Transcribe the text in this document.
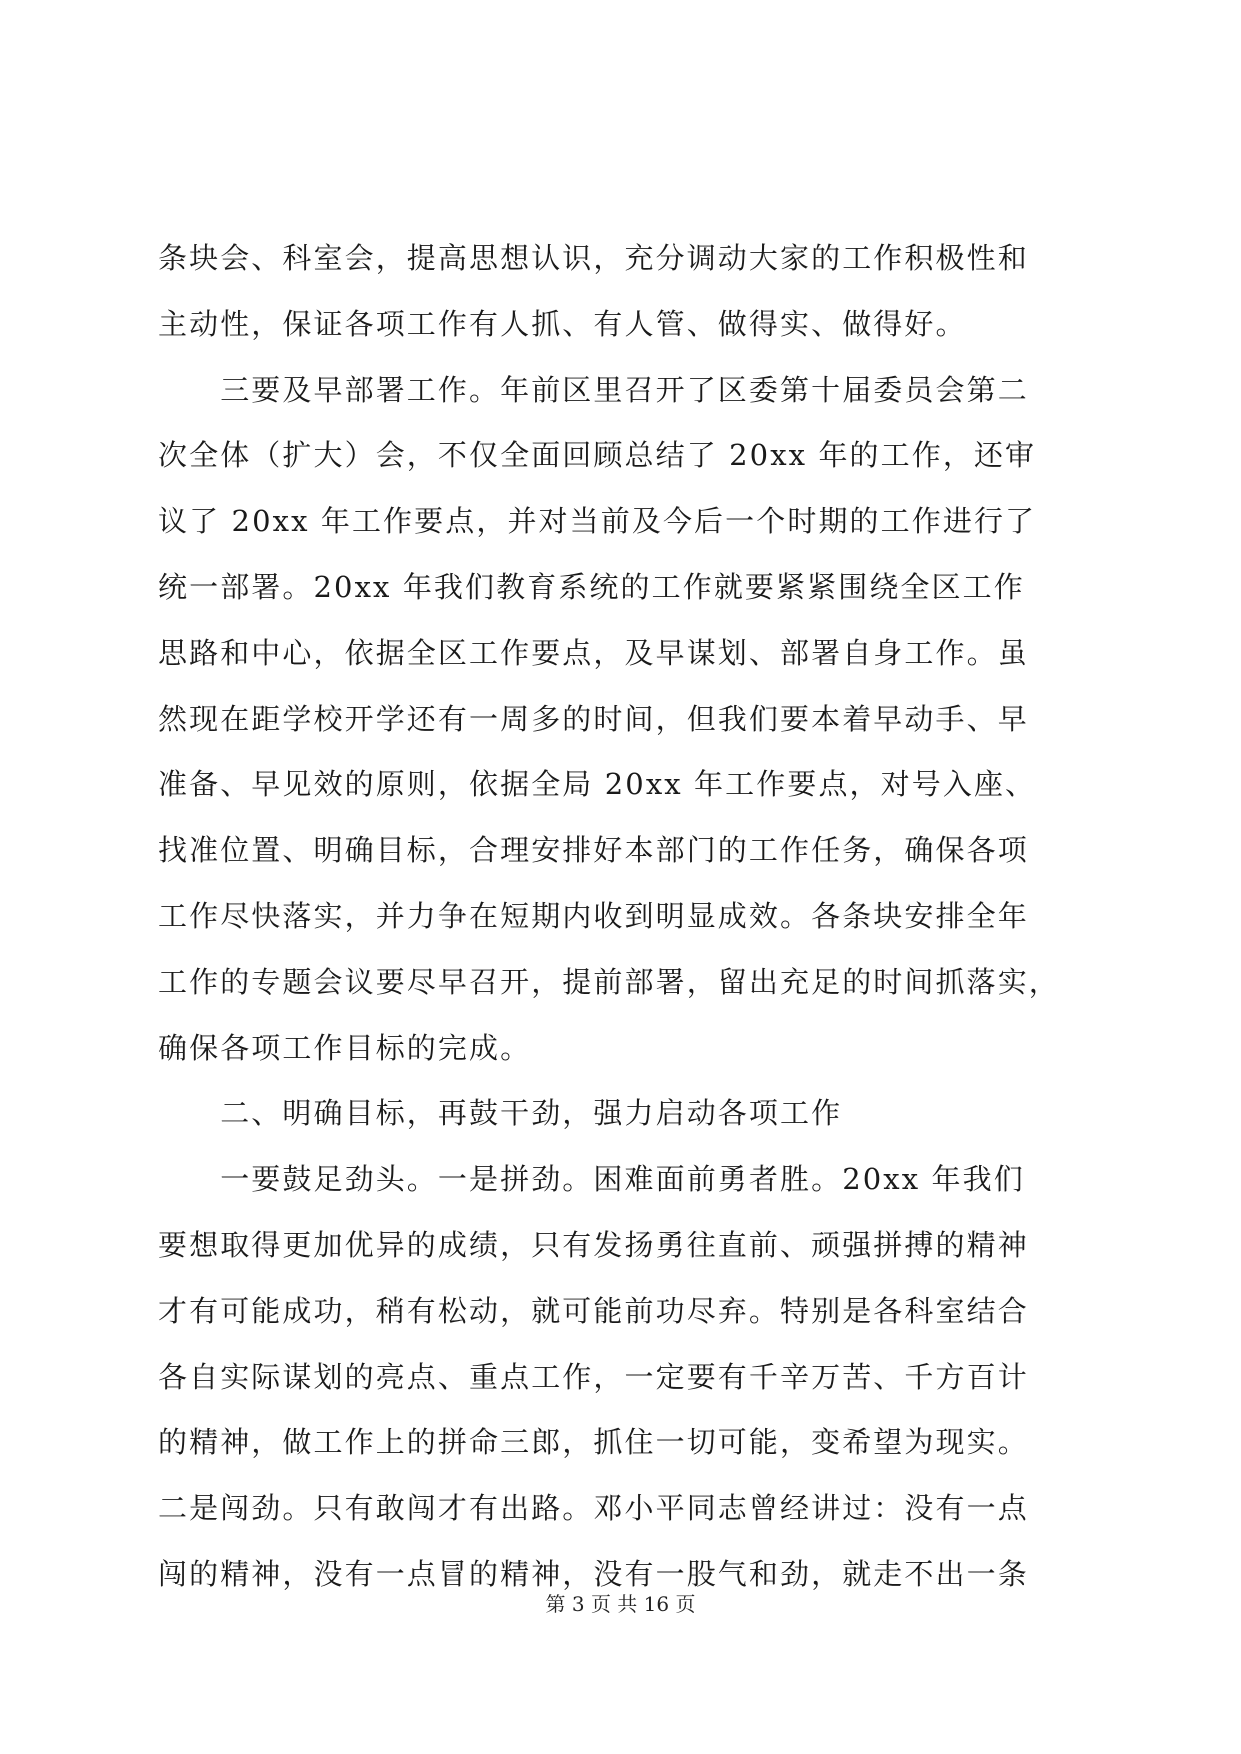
条块会、科室会，提高思想认识，充分调动大家的工作积极性和
主动性，保证各项工作有人抓、有人管、做得实、做得好。
　　三要及早部署工作。年前区里召开了区委第十届委员会第二
次全体（扩大）会，不仅全面回顾总结了 20xx 年的工作，还审
议了 20xx 年工作要点，并对当前及今后一个时期的工作进行了
统一部署。20xx 年我们教育系统的工作就要紧紧围绕全区工作
思路和中心，依据全区工作要点，及早谋划、部署自身工作。虽
然现在距学校开学还有一周多的时间，但我们要本着早动手、早
准备、早见效的原则，依据全局 20xx 年工作要点，对号入座、
找准位置、明确目标，合理安排好本部门的工作任务，确保各项
工作尽快落实，并力争在短期内收到明显成效。各条块安排全年
工作的专题会议要尽早召开，提前部署，留出充足的时间抓落实，
确保各项工作目标的完成。
　　二、明确目标，再鼓干劲，强力启动各项工作
　　一要鼓足劲头。一是拼劲。困难面前勇者胜。20xx 年我们
要想取得更加优异的成绩，只有发扬勇往直前、顽强拼搏的精神
才有可能成功，稍有松动，就可能前功尽弃。特别是各科室结合
各自实际谋划的亮点、重点工作，一定要有千辛万苦、千方百计
的精神，做工作上的拼命三郎，抓住一切可能，变希望为现实。
二是闯劲。只有敢闯才有出路。邓小平同志曾经讲过：没有一点
闯的精神，没有一点冒的精神，没有一股气和劲，就走不出一条
第 3 页 共 16 页
